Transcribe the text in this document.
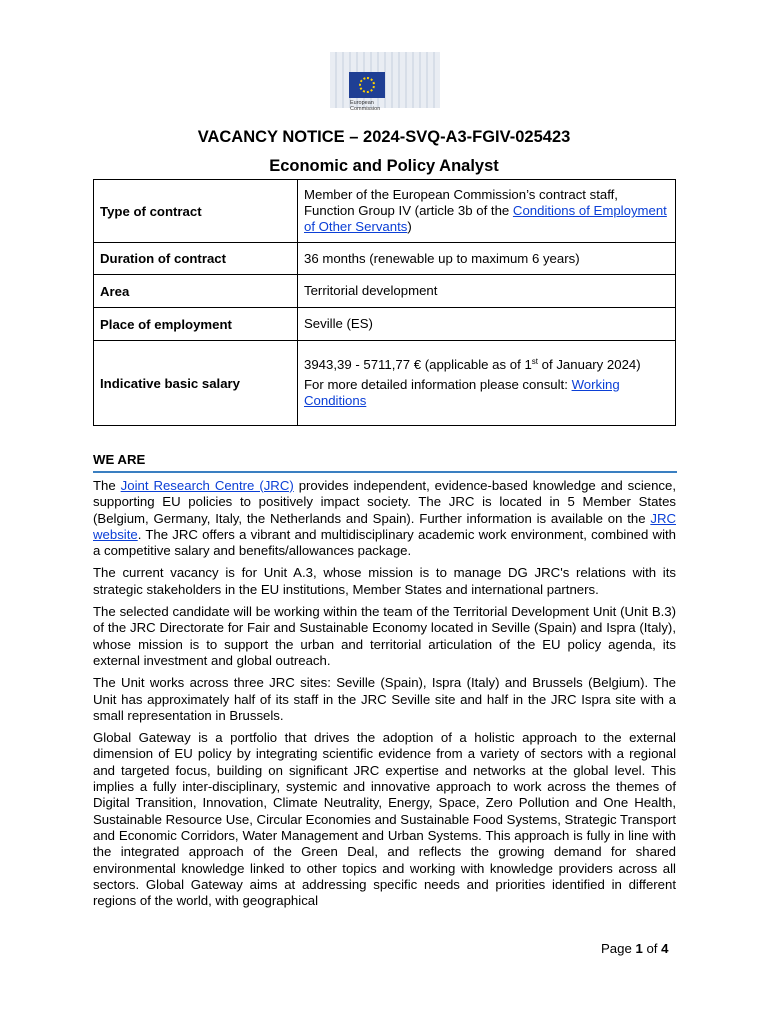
European
Commission
VACANCY NOTICE – 2024-SVQ-A3-FGIV-025423
Economic and Policy Analyst
Type of contract	Member of the European Commission’s contract staff, Function Group IV (article 3b of the Conditions of Employment of Other Servants)
Duration of contract	36 months (renewable up to maximum 6 years)
Area	Territorial development
Place of employment	Seville (ES)
Indicative basic salary	3943,39 - 5711,77 € (applicable as of 1st of January 2024)

For more detailed information please consult: Working Conditions

WE ARE

The Joint Research Centre (JRC) provides independent, evidence-based knowledge and science, supporting EU policies to positively impact society. The JRC is located in 5 Member States (Belgium, Germany, Italy, the Netherlands and Spain). Further information is available on the JRC website. The JRC offers a vibrant and multidisciplinary academic work environment, combined with a competitive salary and benefits/allowances package.

The current vacancy is for Unit A.3, whose mission is to manage DG JRC's relations with its strategic stakeholders in the EU institutions, Member States and international partners.

The selected candidate will be working within the team of the Territorial Development Unit (Unit B.3) of the JRC Directorate for Fair and Sustainable Economy located in Seville (Spain) and Ispra (Italy), whose mission is to support the urban and territorial articulation of the EU policy agenda, its external investment and global outreach.

The Unit works across three JRC sites: Seville (Spain), Ispra (Italy) and Brussels (Belgium). The Unit has approximately half of its staff in the JRC Seville site and half in the JRC Ispra site with a small representation in Brussels.

Global Gateway is a portfolio that drives the adoption of a holistic approach to the external dimension of EU policy by integrating scientific evidence from a variety of sectors with a regional and targeted focus, building on significant JRC expertise and networks at the global level. This implies a fully inter-disciplinary, systemic and innovative approach to work across the themes of Digital Transition, Innovation, Climate Neutrality, Energy, Space, Zero Pollution and One Health, Sustainable Resource Use, Circular Economies and Sustainable Food Systems, Strategic Transport and Economic Corridors, Water Management and Urban Systems. This approach is fully in line with the integrated approach of the Green Deal, and reflects the growing demand for shared environmental knowledge linked to other topics and working with knowledge providers across all sectors. Global Gateway aims at addressing specific needs and priorities identified in different regions of the world, with geographical

Page 1 of 4
